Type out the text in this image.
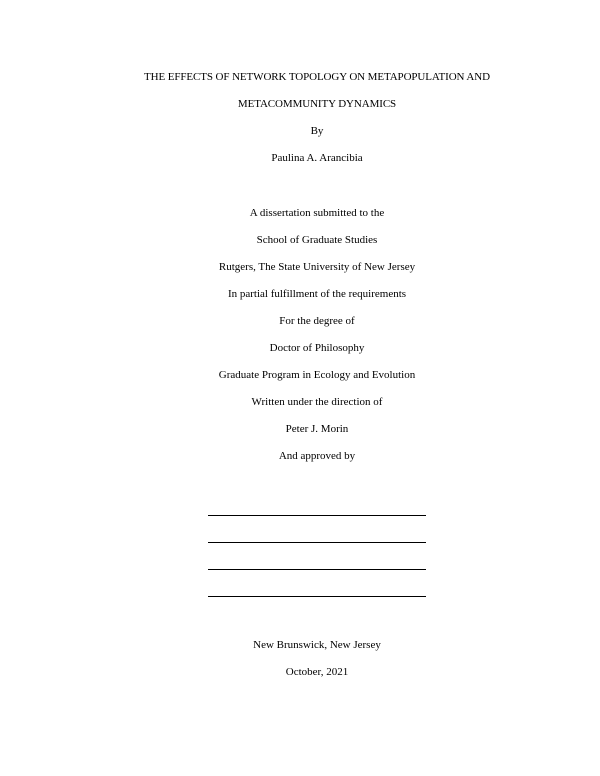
THE EFFECTS OF NETWORK TOPOLOGY ON METAPOPULATION AND
METACOMMUNITY DYNAMICS
By
Paulina A. Arancibia
A dissertation submitted to the
School of Graduate Studies
Rutgers, The State University of New Jersey
In partial fulfillment of the requirements
For the degree of
Doctor of Philosophy
Graduate Program in Ecology and Evolution
Written under the direction of
Peter J. Morin
And approved by
New Brunswick, New Jersey
October, 2021
